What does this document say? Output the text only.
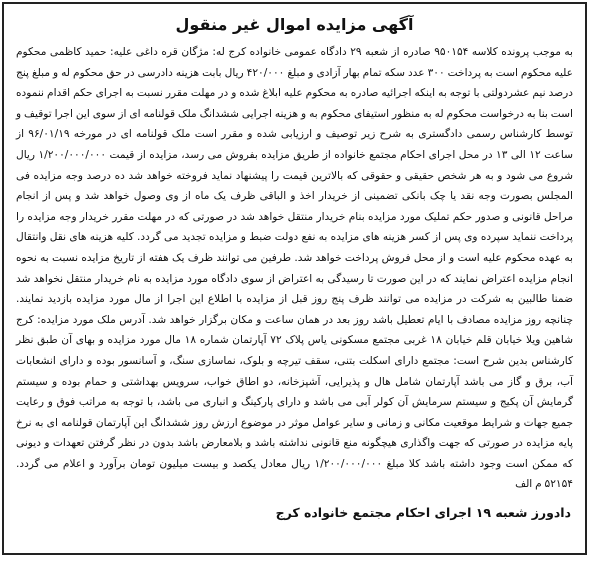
آگهی مزایده اموال غیر منقول

به موجب پرونده کلاسه ۹۵۰۱۵۴ صادره از شعبه ۲۹ دادگاه عمومی خانواده کرج له: مژگان قره داغی علیه: حمید کاظمی محکوم علیه محکوم است به پرداخت ۳۰۰ عدد سکه تمام بهار آزادی و مبلغ ۴۲۰/۰۰۰ ریال بابت هزینه دادرسی در حق محکوم له و مبلغ پنج درصد نیم عشردولتی با توجه به اینکه اجرائیه صادره به محکوم علیه ابلاغ شده و در مهلت مقرر نسبت به اجرای حکم اقدام ننموده است بنا به درخواست محکوم له به منظور استیفای محکوم به و هزینه اجرایی ششدانگ ملک قولنامه ای از سوی این اجرا توقیف و توسط کارشناس رسمی دادگستری به شرح زیر توصیف و ارزیابی شده و مقرر است ملک قولنامه ای در مورخه ۹۶/۰۱/۱۹ از ساعت ۱۲ الی ۱۳ در محل اجرای احکام مجتمع خانواده از طریق مزایده بفروش می رسد، مزایده از قیمت ۱/۲۰۰/۰۰۰/۰۰۰ ریال شروع می شود و به هر شخص حقیقی و حقوقی که بالاترین قیمت را پیشنهاد نماید فروخته خواهد شد ده درصد وجه مزایده فی المجلس بصورت وجه نقد یا چک بانکی تضمینی از خریدار اخذ و الباقی ظرف یک ماه از وی وصول خواهد شد و پس از انجام مراحل قانونی و صدور حکم تملیک مورد مزایده بنام خریدار منتقل خواهد شد در صورتی که در مهلت مقرر خریدار وجه مزایده را پرداخت ننماید سپرده وی پس از کسر هزینه های مزایده به نفع دولت ضبط و مزایده تجدید می گردد. کلیه هزینه های نقل وانتقال به عهده محکوم علیه است و از محل فروش پرداخت خواهد شد. طرفین می توانند ظرف یک هفته از تاریخ مزایده نسبت به نحوه انجام مزایده اعتراض نمایند که در این صورت تا رسیدگی به اعتراض از سوی دادگاه مورد مزایده به نام خریدار منتقل نخواهد شد ضمنا طالبین به شرکت در مزایده می توانند ظرف پنج روز قبل از مزایده با اطلاع این اجرا از مال مورد مزایده بازدید نمایند. چنانچه روز مزایده مصادف با ایام تعطیل باشد روز بعد در همان ساعت و مکان برگزار خواهد شد. آدرس ملک مورد مزایده: کرج شاهین ویلا خیابان قلم خیابان ۱۸ غربی مجتمع مسکونی یاس پلاک ۷۲ آپارتمان شماره ۱۸ مال مورد مزایده و بهای آن طبق نظر کارشناس بدین شرح است: مجتمع دارای اسکلت بتنی، سقف تیرچه و بلوک، نماسازی سنگ، و آسانسور بوده و دارای انشعابات آب، برق و گاز می باشد آپارتمان شامل هال و پذیرایی، آشپزخانه، دو اطاق خواب، سرویس بهداشتی و حمام بوده و سیستم گرمایش آن پکیج و سیستم سرمایش آن کولر آبی می باشد و دارای پارکینگ و انباری می باشد، با توجه به مراتب فوق و رعایت جمیع جهات و شرایط موقعیت مکانی و زمانی و سایر عوامل موثر در موضوع ارزش روز ششدانگ این آپارتمان قولنامه ای به نرخ پایه مزایده در صورتی که جهت واگذاری هیچگونه منع قانونی نداشته باشد و بلامعارض باشد بدون در نظر گرفتن تعهدات و دیونی که ممکن است وجود داشته باشد کلا مبلغ ۱/۲۰۰/۰۰۰/۰۰۰ ریال معادل یکصد و بیست میلیون تومان برآورد و اعلام می گردد. ۵۲۱۵۴ م الف

دادورز شعبه ۱۹ اجرای احکام مجتمع خانواده کرج
